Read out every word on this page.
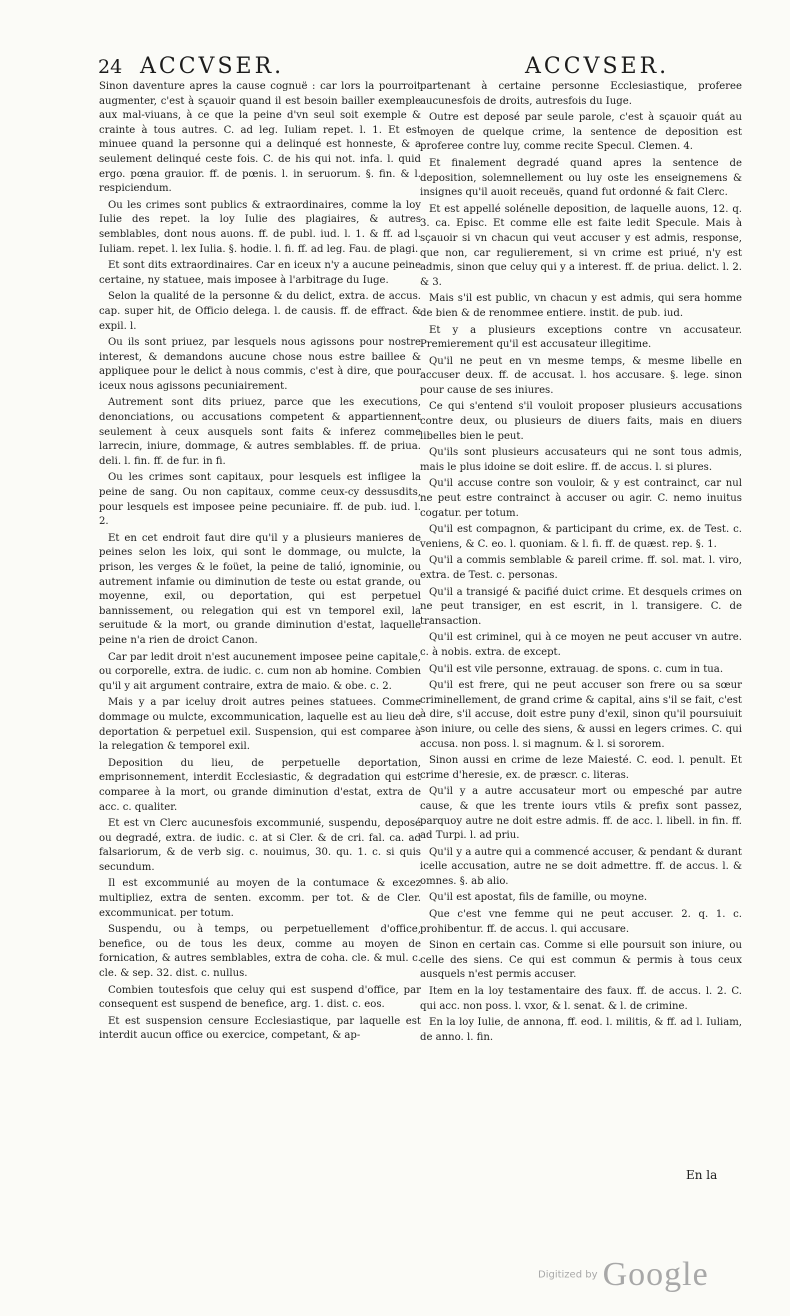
24 ACCVSER.	ACCVSER.

Sinon daventure apres la cause cognuë : car lors la pourroit augmenter, c'est à sçauoir quand il est besoin bailler exemple aux mal-viuans, à ce que la peine d'vn seul soit exemple & crainte à tous autres. C. ad leg. Iuliam repet. l. 1. Et est minuee quand la personne qui a delinqué est honneste, & a seulement delinqué ceste fois. C. de his qui not. infa. l. quid ergo. pœna grauior. ff. de pœnis. l. in seruorum. §. fin. & l. respiciendum.

Ou les crimes sont publics & extraordinaires, comme la loy Iulie des repet. la loy Iulie des plagiaires, & autres semblables, dont nous auons. ff. de publ. iud. l. 1. & ff. ad l. Iuliam. repet. l. lex Iulia. §. hodie. l. fi. ff. ad leg. Fau. de plagi.

Et sont dits extraordinaires. Car en iceux n'y a aucune peine certaine, ny statuee, mais imposee à l'arbitrage du Iuge.

Selon la qualité de la personne & du delict, extra. de accus. cap. super hit, de Officio delega. l. de causis. ff. de effract. & expil. l.

Ou ils sont priuez, par lesquels nous agissons pour nostre interest, & demandons aucune chose nous estre baillee & appliquee pour le delict à nous commis, c'est à dire, que pour iceux nous agissons pecuniairement.

Autrement sont dits priuez, parce que les executions, denonciations, ou accusations competent & appartiennent seulement à ceux ausquels sont faits & inferez comme larrecin, iniure, dommage, & autres semblables. ff. de priua. deli. l. fin. ff. de fur. in fi.

Ou les crimes sont capitaux, pour lesquels est infligee la peine de sang. Ou non capitaux, comme ceux-cy dessusdits, pour lesquels est imposee peine pecuniaire. ff. de pub. iud. l. 2.

Et en cet endroit faut dire qu'il y a plusieurs manieres de peines selon les loix, qui sont le dommage, ou mulcte, la prison, les verges & le foüet, la peine de talió, ignominie, ou autrement infamie ou diminution de teste ou estat grande, ou moyenne, exil, ou deportation, qui est perpetuel bannissement, ou relegation qui est vn temporel exil, la seruitude & la mort, ou grande diminution d'estat, laquelle peine n'a rien de droict Canon.

Car par ledit droit n'est aucunement imposee peine capitale, ou corporelle, extra. de iudic. c. cum non ab homine. Combien qu'il y ait argument contraire, extra de maio. & obe. c. 2.

Mais y a par iceluy droit autres peines statuees. Comme dommage ou mulcte, excommunication, laquelle est au lieu de deportation & perpetuel exil. Suspension, qui est comparee à la relegation & temporel exil.

Deposition du lieu, de perpetuelle deportation, emprisonnement, interdit Ecclesiastic, & degradation qui est comparee à la mort, ou grande diminution d'estat, extra de acc. c. qualiter.

Et est vn Clerc aucunesfois excommunié, suspendu, deposé ou degradé, extra. de iudic. c. at si Cler. & de cri. fal. ca. ad falsariorum, & de verb sig. c. nouimus, 30. qu. 1. c. si quis secundum.

Il est excommunié au moyen de la contumace & excez multipliez, extra de senten. excomm. per tot. & de Cler. excommunicat. per totum.

Suspendu, ou à temps, ou perpetuellement d'office, benefice, ou de tous les deux, comme au moyen de fornication, & autres semblables, extra de coha. cle. & mul. c. cle. & sep. 32. dist. c. nullus.

Combien toutesfois que celuy qui est suspend d'office, par consequent est suspend de benefice, arg. 1. dist. c. eos.

Et est suspension censure Ecclesiastique, par laquelle est interdit aucun office ou exercice, competant, & ap-

partenant à certaine personne Ecclesiastique, proferee aucunesfois de droits, autresfois du Iuge.

Outre est deposé par seule parole, c'est à sçauoir quát au moyen de quelque crime, la sentence de deposition est proferee contre luy, comme recite Specul. Clemen. 4.

Et finalement degradé quand apres la sentence de deposition, solemnellement ou luy oste les enseignemens & insignes qu'il auoit receuës, quand fut ordonné & fait Clerc.

Et est appellé solénelle deposition, de laquelle auons, 12. q. 3. ca. Episc. Et comme elle est faite ledit Specule. Mais à sçauoir si vn chacun qui veut accuser y est admis, response, que non, car regulierement, si vn crime est priué, n'y est admis, sinon que celuy qui y a interest. ff. de priua. delict. l. 2. & 3.

Mais s'il est public, vn chacun y est admis, qui sera homme de bien & de renommee entiere. instit. de pub. iud.

Et y a plusieurs exceptions contre vn accusateur. Premierement qu'il est accusateur illegitime.

Qu'il ne peut en vn mesme temps, & mesme libelle en accuser deux. ff. de accusat. l. hos accusare. §. lege. sinon pour cause de ses iniures.

Ce qui s'entend s'il vouloit proposer plusieurs accusations contre deux, ou plusieurs de diuers faits, mais en diuers libelles bien le peut.

Qu'ils sont plusieurs accusateurs qui ne sont tous admis, mais le plus idoine se doit eslire. ff. de accus. l. si plures.

Qu'il accuse contre son vouloir, & y est contrainct, car nul ne peut estre contrainct à accuser ou agir. C. nemo inuitus cogatur. per totum.

Qu'il est compagnon, & participant du crime, ex. de Test. c. veniens, & C. eo. l. quoniam. & l. fi. ff. de quæst. rep. §. 1.

Qu'il a commis semblable & pareil crime. ff. sol. mat. l. viro, extra. de Test. c. personas.

Qu'il a transigé & pacifié duict crime. Et desquels crimes on ne peut transiger, en est escrit, in l. transigere. C. de transaction.

Qu'il est criminel, qui à ce moyen ne peut accuser vn autre. c. à nobis. extra. de except.

Qu'il est vile personne, extrauag. de spons. c. cum in tua.

Qu'il est frere, qui ne peut accuser son frere ou sa sœur criminellement, de grand crime & capital, ains s'il se fait, c'est à dire, s'il accuse, doit estre puny d'exil, sinon qu'il poursuiuit son iniure, ou celle des siens, & aussi en legers crimes. C. qui accusa. non poss. l. si magnum. & l. si sororem.

Sinon aussi en crime de leze Maiesté. C. eod. l. penult. Et crime d'heresie, ex. de præscr. c. literas.

Qu'il y a autre accusateur mort ou empesché par autre cause, & que les trente iours vtils & prefix sont passez, parquoy autre ne doit estre admis. ff. de acc. l. libell. in fin. ff. ad Turpi. l. ad priu.

Qu'il y a autre qui a commencé accuser, & pendant & durant icelle accusation, autre ne se doit admettre. ff. de accus. l. & omnes. §. ab alio.

Qu'il est apostat, fils de famille, ou moyne.

Que c'est vne femme qui ne peut accuser. 2. q. 1. c. prohibentur. ff. de accus. l. qui accusare.

Sinon en certain cas. Comme si elle poursuit son iniure, ou celle des siens. Ce qui est commun & permis à tous ceux ausquels n'est permis accuser.

Item en la loy testamentaire des faux. ff. de accus. l. 2. C. qui acc. non poss. l. vxor, & l. senat. & l. de crimine.

En la loy Iulie, de annona, ff. eod. l. militis, & ff. ad l. Iuliam, de anno. l. fin.

En la
Digitized by Google
